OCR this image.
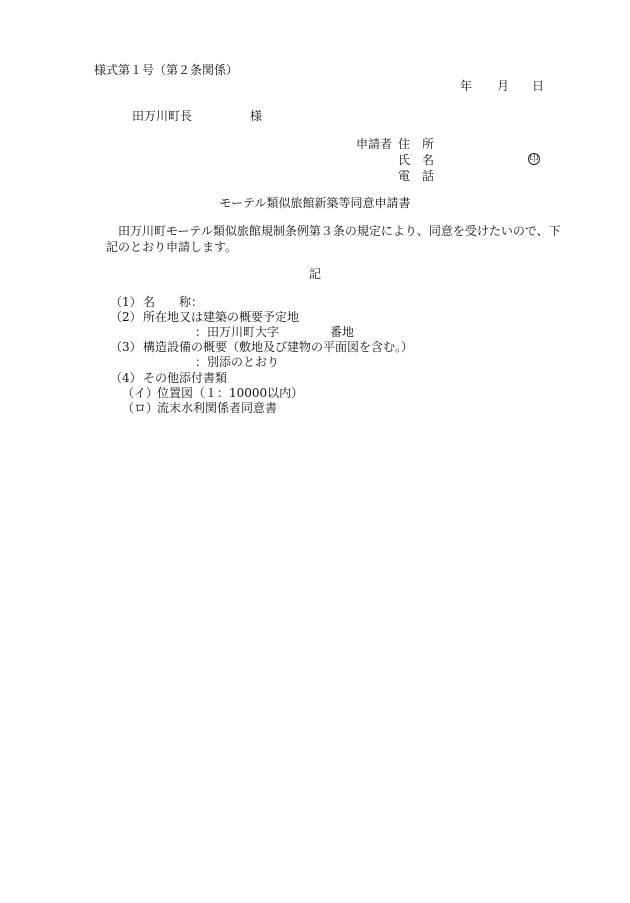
様式第１号（第２条関係）
年 月 日
田万川町長	様
申請者 住　所
氏　名	印
電　話
モーテル類似旅館新築等同意申請書
田万川町モーテル類似旅館規制条例第３条の規定により、同意を受けたいので、下記のとおり申請します。
記
（1） 名　　称：
（2） 所在地又は建築の概要予定地
：田万川町大字	番地
（3） 構造設備の概要（敷地及び建物の平面図を含む。）
：別添のとおり
（4） その他添付書類
（イ）
位置図（１：10000以内）
（ロ）
流末水利関係者同意書
